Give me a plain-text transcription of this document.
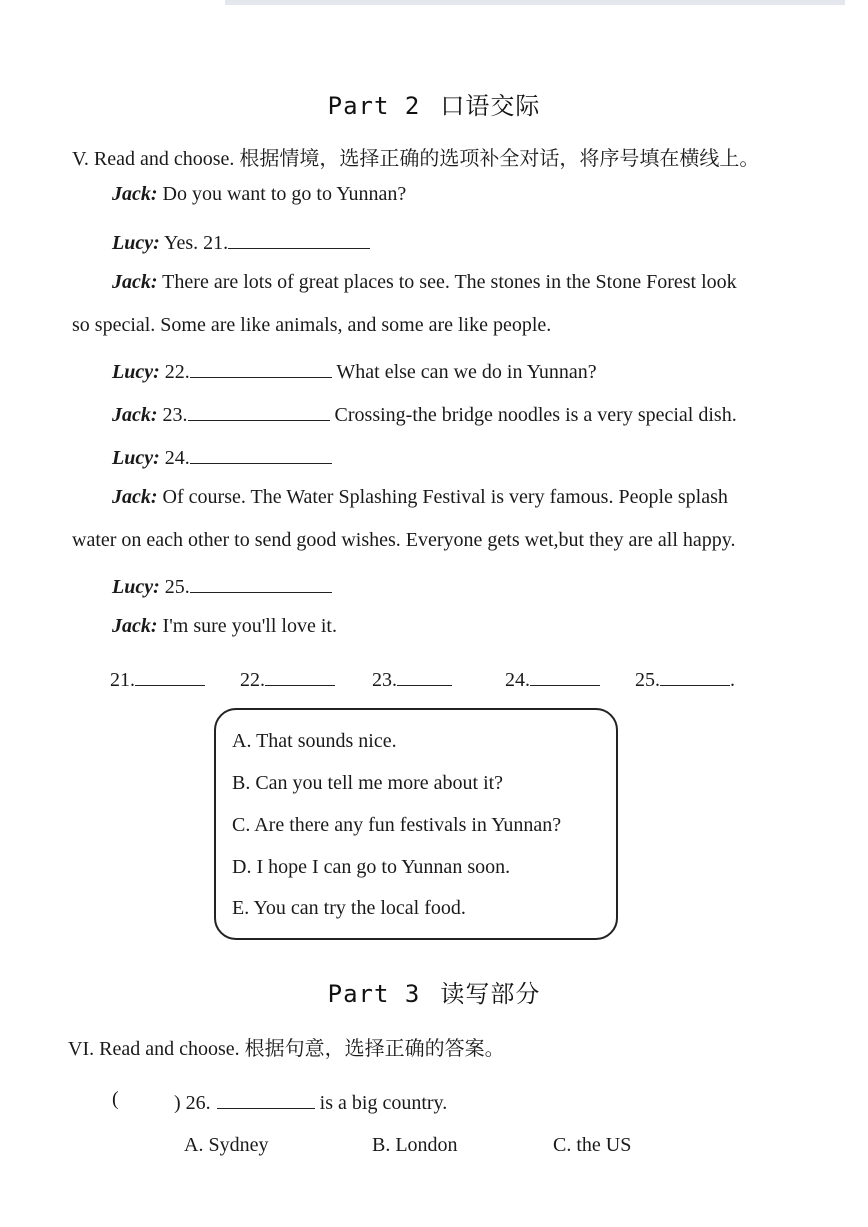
Part 2 口语交际
V. Read and choose. 根据情境，选择正确的选项补全对话，将序号填在横线上。
Jack: Do you want to go to Yunnan?
Lucy: Yes. 21.
Jack: There are lots of great places to see. The stones in the Stone Forest look
so special. Some are like animals, and some are like people.
Lucy: 22.	What else can we do in Yunnan?
Jack: 23.	Crossing-the bridge noodles is a very special dish.
Lucy: 24.
Jack: Of course. The Water Splashing Festival is very famous. People splash
water on each other to send good wishes. Everyone gets wet,but they are all happy.
Lucy: 25.
Jack: I'm sure you'll love it.
21.	22.	23.	24.	25.	.
A. That sounds nice.
B. Can you tell me more about it?
C. Are there any fun festivals in Yunnan?
D. I hope I can go to Yunnan soon.
E. You can try the local food.
Part 3 读写部分
VI. Read and choose. 根据句意，选择正确的答案。
(	) 26.	is a big country.
A. Sydney	B. London	C. the US
